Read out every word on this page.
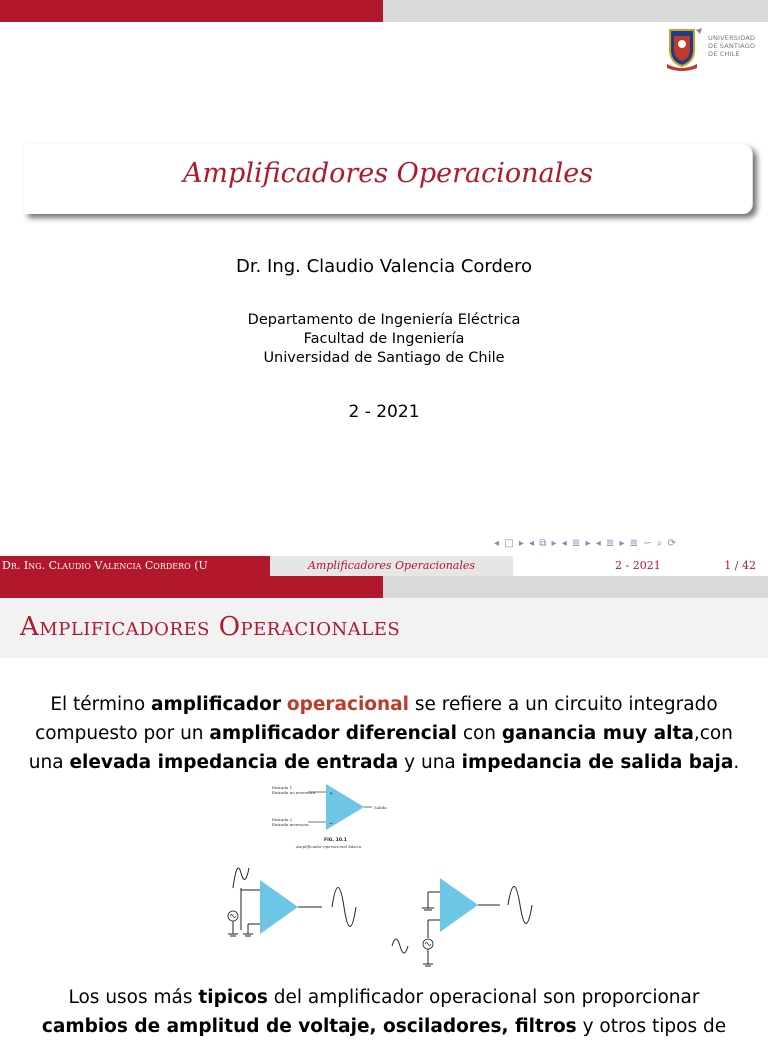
UNIVERSIDAD
DE SANTIAGO
DE CHILE
Amplificadores Operacionales
Dr. Ing. Claudio Valencia Cordero
Departamento de Ingeniería Eléctrica
Facultad de Ingeniería
Universidad de Santiago de Chile
2 - 2021
◂ □ ▸ ◂ ⧉ ▸ ◂ ≣ ▸ ◂ ≣ ▸ ≣ ∽ ⌕ ⟳
Dr. Ing. Claudio Valencia Cordero (U	Amplificadores Operacionales	2 - 2021	1 / 42
Amplificadores Operacionales
El término amplificador operacional se refiere a un circuito integrado compuesto por un amplificador diferencial con ganancia muy alta,con una elevada impedancia de entrada y una impedancia de salida baja.
+
−
Entrada 1
Entrada no inversora
Entrada 2
Entrada inversora
Salida
FIG. 10.1
Amplificador operacional básico.
Los usos más tipicos del amplificador operacional son proporcionar
cambios de amplitud de voltaje, osciladores, filtros y otros tipos de
